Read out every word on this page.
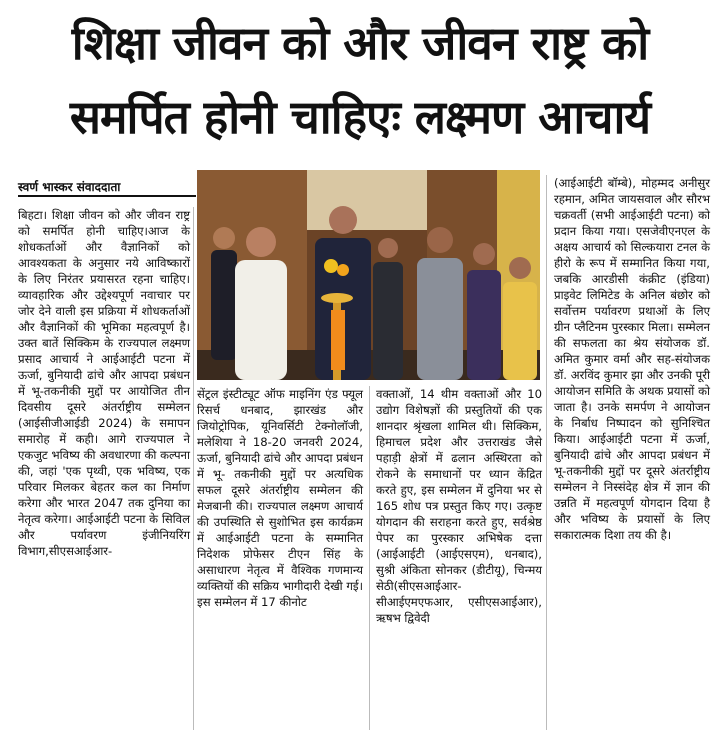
शिक्षा जीवन को और जीवन राष्ट्र को
समर्पित होनी चाहिएः लक्ष्मण आचार्य
स्वर्ण भास्कर संवाददाता

बिहटा। शिक्षा जीवन को और जीवन राष्ट्र को समर्पित होनी चाहिए।आज के शोधकर्ताओं और वैज्ञानिकों को आवश्यकता के अनुसार नये आविष्कारों के लिए निरंतर प्रयासरत रहना चाहिए। व्यावहारिक और उद्देश्यपूर्ण नवाचार पर जोर देने वाली इस प्रक्रिया में शोधकर्ताओं और वैज्ञानिकों की भूमिका महत्वपूर्ण है। उक्त बातें सिक्किम के राज्यपाल लक्ष्मण प्रसाद आचार्य ने आईआईटी पटना में ऊर्जा, बुनियादी ढांचे और आपदा प्रबंधन में भू-तकनीकी मुद्दों पर आयोजित तीन दिवसीय दूसरे अंतर्राष्ट्रीय सम्मेलन (आईसीजीआईडी 2024) के समापन समारोह में कही। आगे राज्यपाल ने एकजुट भविष्य की अवधारणा की कल्पना की, जहां 'एक पृथ्वी, एक भविष्य, एक परिवार मिलकर बेहतर कल का निर्माण करेगा और भारत 2047 तक दुनिया का नेतृत्व करेगा। आईआईटी पटना के सिविल और पर्यावरण इंजीनियरिंग विभाग,सीएसआईआर-

सेंट्रल इंस्टीट्यूट ऑफ माइनिंग एंड फ्यूल रिसर्च धनबाद, झारखंड और जियोट्रोपिक, यूनिवर्सिटी टेक्नोलॉजी, मलेशिया ने 18-20 जनवरी 2024, ऊर्जा, बुनियादी ढांचे और आपदा प्रबंधन में भू- तकनीकी मुद्दों पर अत्यधिक सफल दूसरे अंतर्राष्ट्रीय सम्मेलन की मेजबानी की। राज्यपाल लक्ष्मण आचार्य की उपस्थिति से सुशोभित इस कार्यक्रम में आईआईटी पटना के सम्मानित निदेशक प्रोफेसर टीएन सिंह के असाधारण नेतृत्व में वैश्विक गणमान्य व्यक्तियों की सक्रिय भागीदारी देखी गई। इस सम्मेलन में 17 कीनोट

वक्ताओं, 14 थीम वक्ताओं और 10 उद्योग विशेषज्ञों की प्रस्तुतियों की एक शानदार श्रृंखला शामिल थी। सिक्किम, हिमाचल प्रदेश और उत्तराखंड जैसे पहाड़ी क्षेत्रों में ढलान अस्थिरता को रोकने के समाधानों पर ध्यान केंद्रित करते हुए, इस सम्मेलन में दुनिया भर से 165 शोध पत्र प्रस्तुत किए गए। उत्कृष्ट योगदान की सराहना करते हुए, सर्वश्रेष्ठ पेपर का पुरस्कार अभिषेक दत्ता (आईआईटी (आईएसएम), धनबाद), सुश्री अंकिता सोनकर (डीटीयू), चिन्मय सेठी(सीएसआईआर- सीआईएमएफआर, एसीएसआईआर), ऋषभ द्विवेदी

(आईआईटी बॉम्बे), मोहम्मद अनीसुर रहमान, अमित जायसवाल और सौरभ चक्रवर्ती (सभी आईआईटी पटना) को प्रदान किया गया। एसजेवीएनएल के अक्षय आचार्य को सिल्कयारा टनल के हीरो के रूप में सम्मानित किया गया, जबकि आरडीसी कंक्रीट (इंडिया) प्राइवेट लिमिटेड के अनिल बंछोर को सर्वोत्तम पर्यावरण प्रथाओं के लिए ग्रीन प्लैटिनम पुरस्कार मिला। सम्मेलन की सफलता का श्रेय संयोजक डॉ. अमित कुमार वर्मा और सह-संयोजक डॉ. अरविंद कुमार झा और उनकी पूरी आयोजन समिति के अथक प्रयासों को जाता है। उनके समर्पण ने आयोजन के निर्बाध निष्पादन को सुनिश्चित किया। आईआईटी पटना में ऊर्जा, बुनियादी ढांचे और आपदा प्रबंधन में भू-तकनीकी मुद्दों पर दूसरे अंतर्राष्ट्रीय सम्मेलन ने निस्संदेह क्षेत्र में ज्ञान की उन्नति में महत्वपूर्ण योगदान दिया है और भविष्य के प्रयासों के लिए सकारात्मक दिशा तय की है।
